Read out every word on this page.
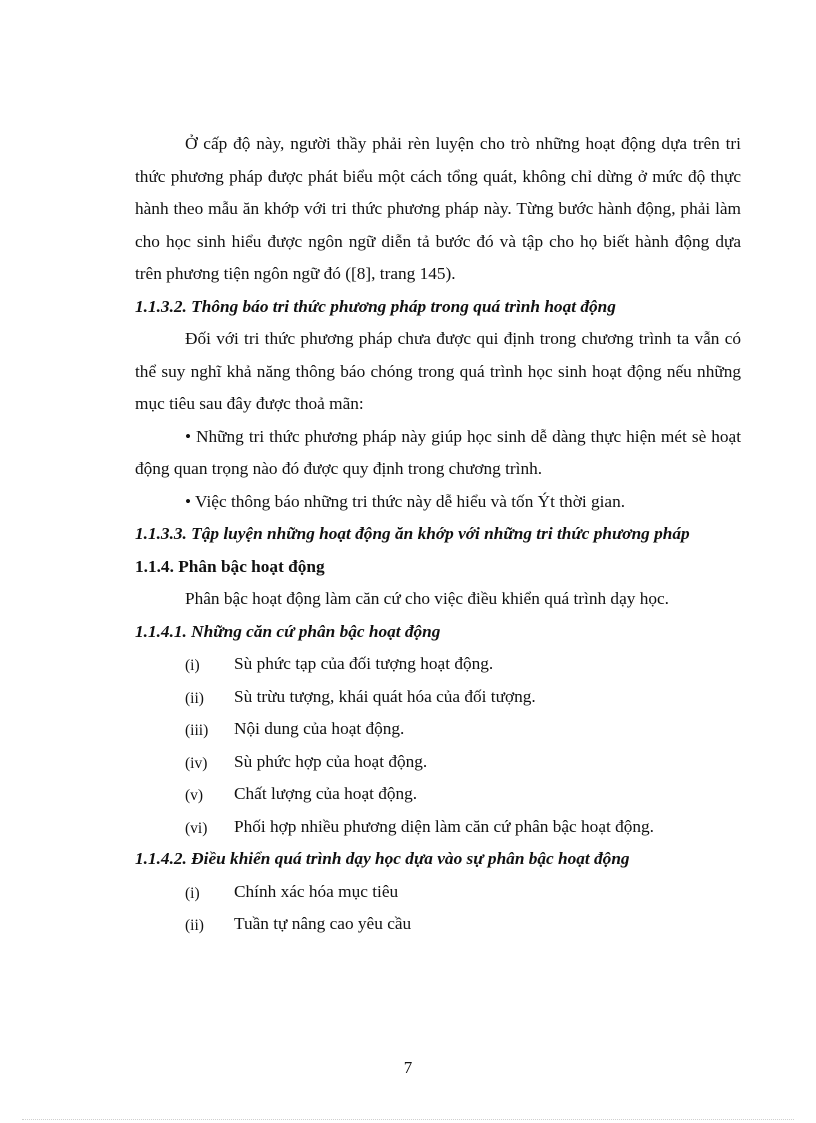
Ở cấp độ này, người thầy phải rèn luyện cho trò những hoạt động dựa trên tri thức phương pháp được phát biểu một cách tổng quát, không chỉ dừng ở mức độ thực hành theo mẫu ăn khớp với tri thức phương pháp này. Từng bước hành động, phải làm cho học sinh hiểu được ngôn ngữ diễn tả bước đó và tập cho họ biết hành động dựa trên phương tiện ngôn ngữ đó ([8], trang 145).

1.1.3.2. Thông báo tri thức phương pháp trong quá trình hoạt động

Đối với tri thức phương pháp chưa được qui định trong chương trình ta vẫn có thể suy nghĩ khả năng thông báo chóng trong quá trình học sinh hoạt động nếu những mục tiêu sau đây được thoả mãn:

• Những tri thức phương pháp này giúp học sinh dễ dàng thực hiện mét sè hoạt động quan trọng nào đó được quy định trong chương trình.

• Việc thông báo những tri thức này dễ hiểu và tốn Ýt thời gian.

1.1.3.3. Tập luyện những hoạt động ăn khớp với những tri thức phương pháp

1.1.4. Phân bậc hoạt động

Phân bậc hoạt động làm căn cứ cho việc điều khiển quá trình dạy học.

1.1.4.1. Những căn cứ phân bậc hoạt động

(i) Sù phức tạp của đối tượng hoạt động.
(ii) Sù trừu tượng, khái quát hóa của đối tượng.
(iii) Nội dung của hoạt động.
(iv) Sù phức hợp của hoạt động.
(v) Chất lượng của hoạt động.
(vi) Phối hợp nhiều phương diện làm căn cứ phân bậc hoạt động.

1.1.4.2. Điều khiển quá trình dạy học dựa vào sự phân bậc hoạt động

(i) Chính xác hóa mục tiêu
(ii) Tuần tự nâng cao yêu cầu
7
